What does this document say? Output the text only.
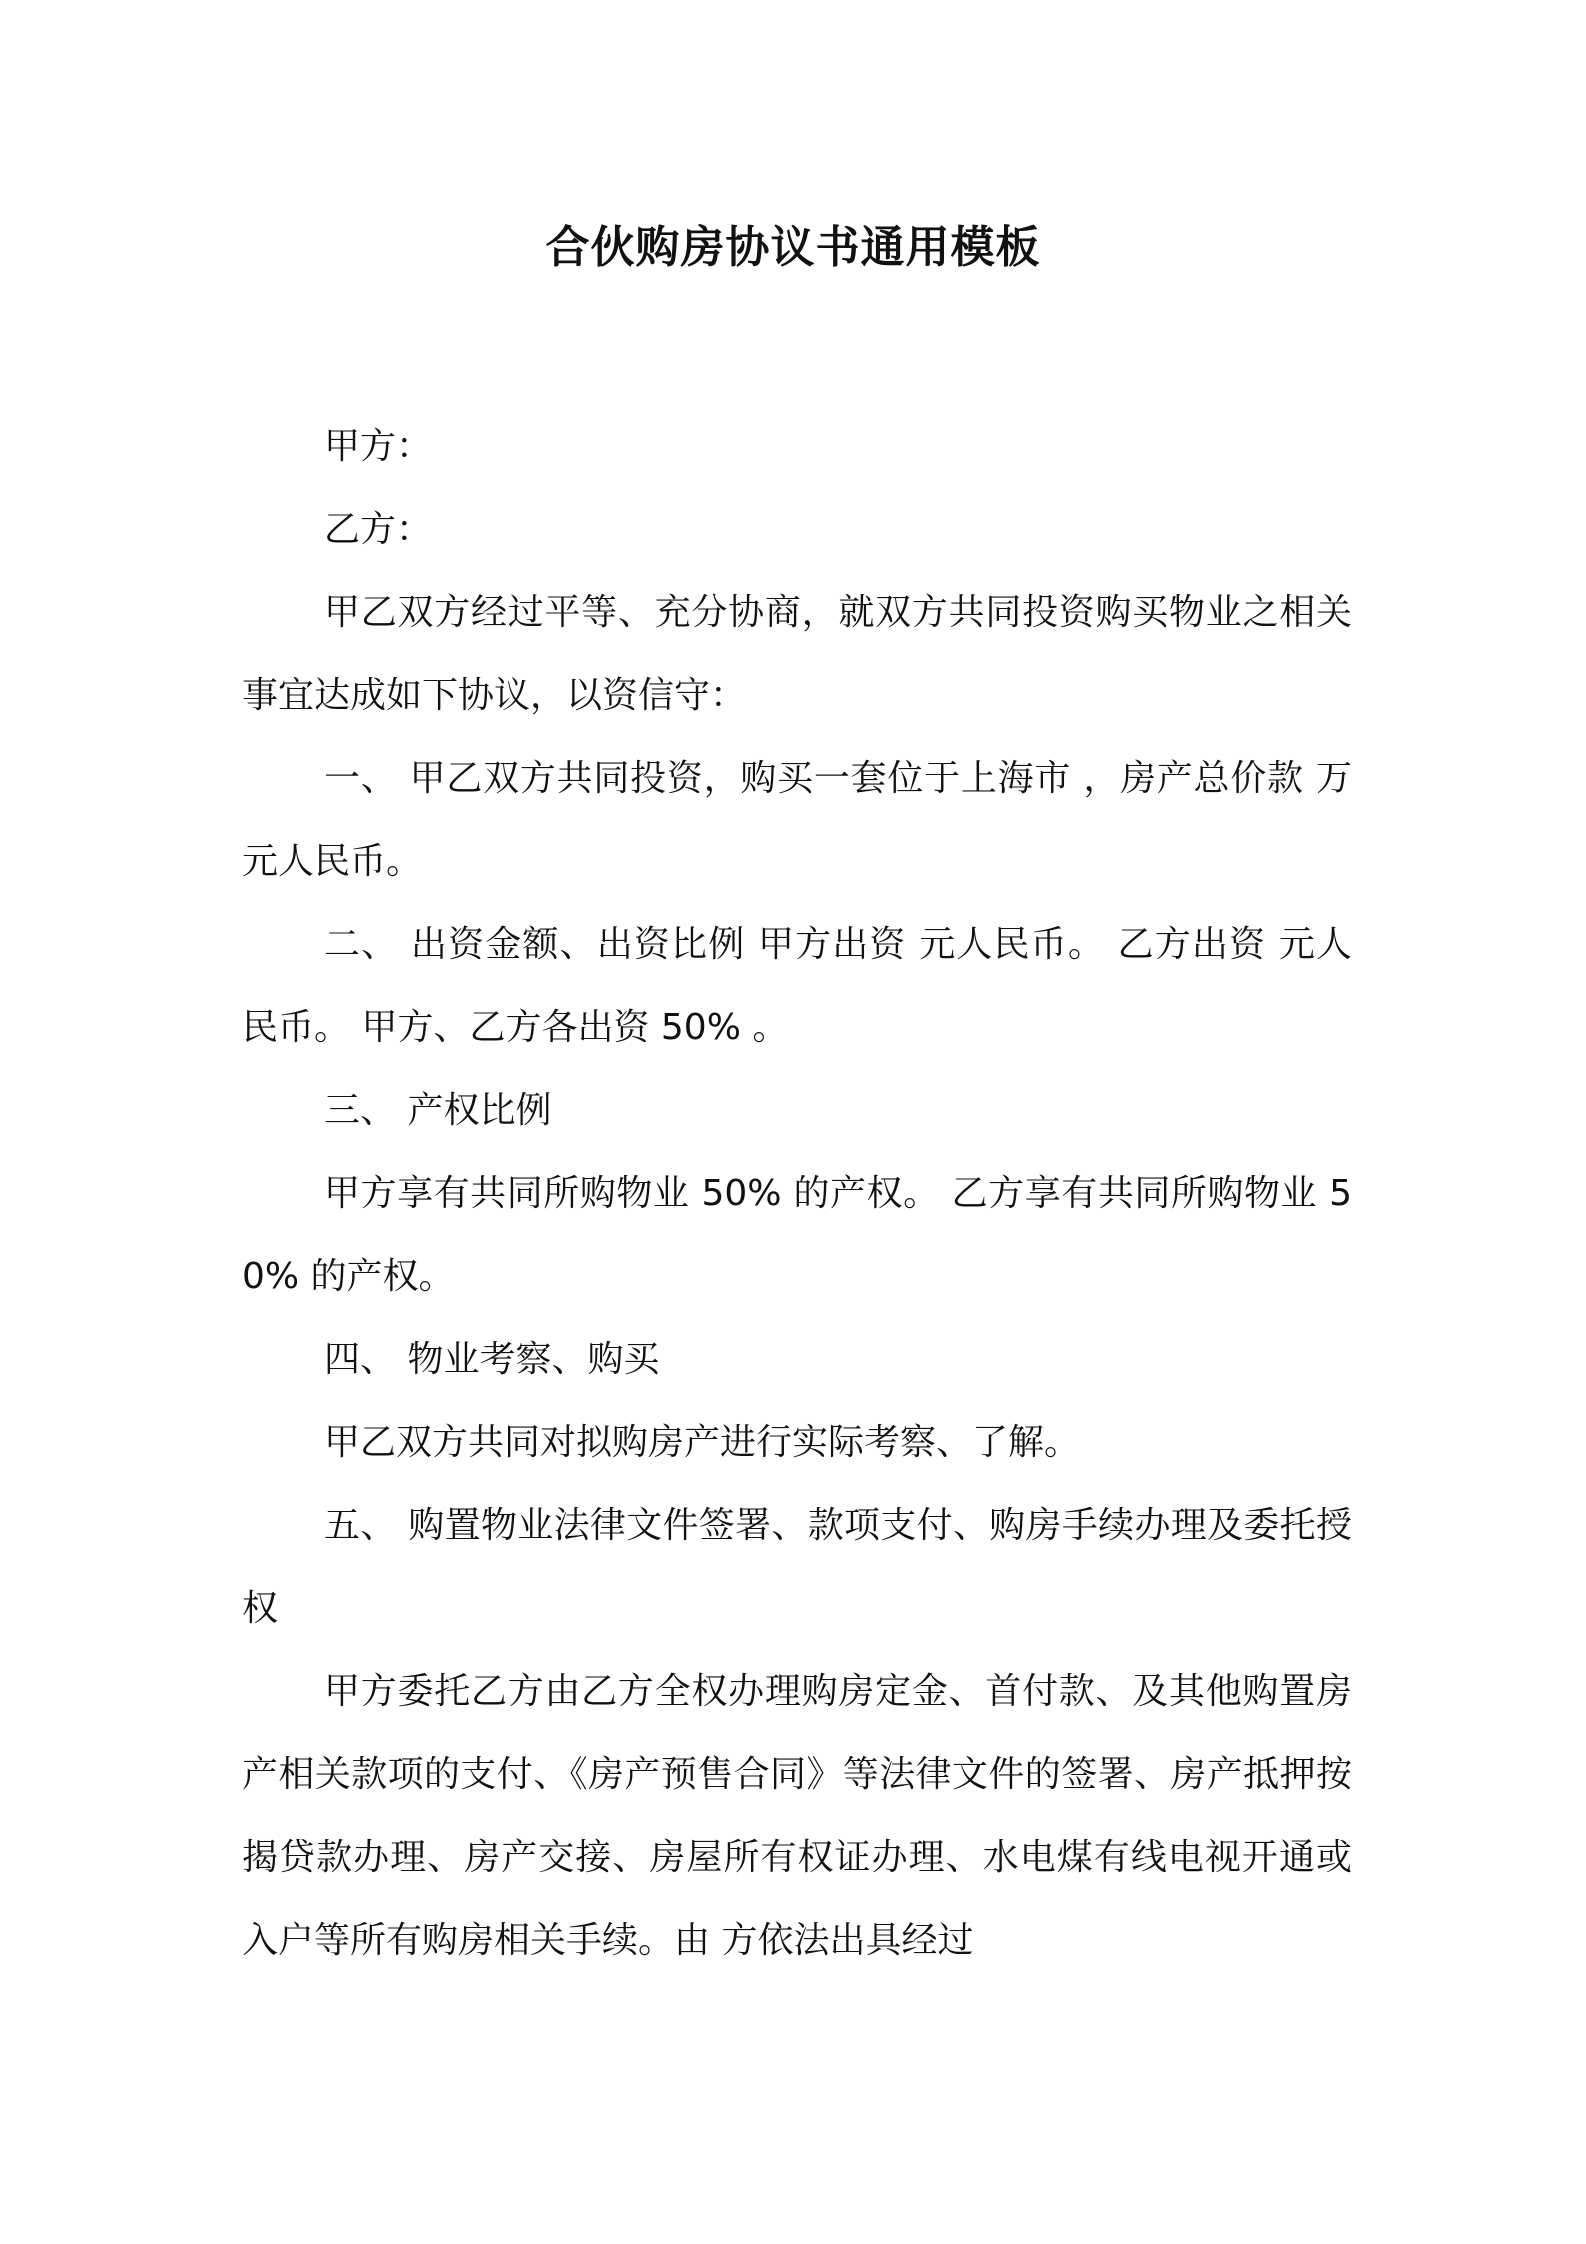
合伙购房协议书通用模板

甲方：

乙方：

甲乙双方经过平等、充分协商，就双方共同投资购买物业之相关事宜达成如下协议，以资信守：

一、 甲乙双方共同投资，购买一套位于上海市 ，房产总价款 万元人民币。

二、 出资金额、出资比例 甲方出资 元人民币。 乙方出资 元人民币。 甲方、乙方各出资 50% 。

三、 产权比例

甲方享有共同所购物业 50% 的产权。 乙方享有共同所购物业 50% 的产权。

四、 物业考察、购买

甲乙双方共同对拟购房产进行实际考察、了解。

五、 购置物业法律文件签署、款项支付、购房手续办理及委托授权

甲方委托乙方由乙方全权办理购房定金、首付款、及其他购置房产相关款项的支付、《房产预售合同》等法律文件的签署、房产抵押按揭贷款办理、房产交接、房屋所有权证办理、水电煤有线电视开通或入户等所有购房相关手续。由 方依法出具经过
